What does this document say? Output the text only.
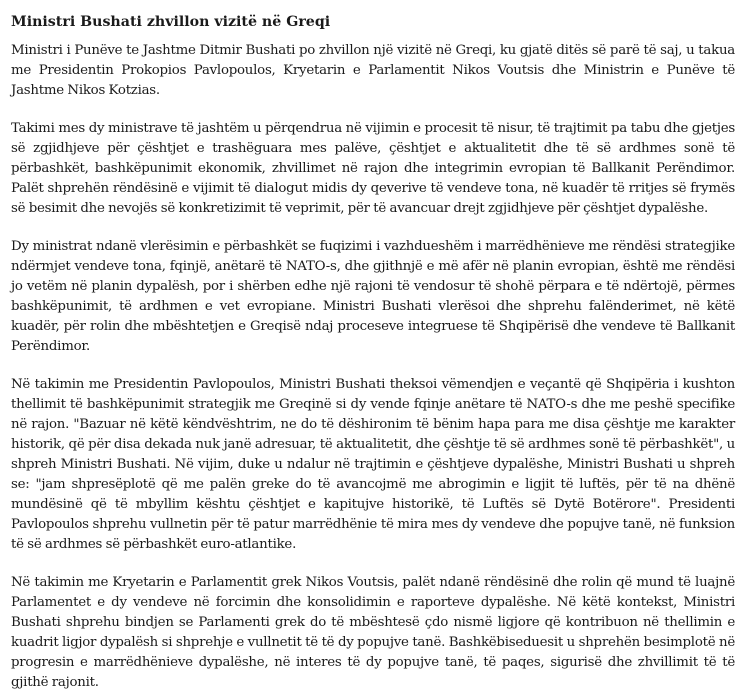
Ministri Bushati zhvillon vizitë në Greqi

Ministri i Punëve te Jashtme Ditmir Bushati po zhvillon një vizitë në Greqi, ku gjatë ditës së parë të saj, u takua me Presidentin Prokopios Pavlopoulos, Kryetarin e Parlamentit Nikos Voutsis dhe Ministrin e Punëve të Jashtme Nikos Kotzias.

Takimi mes dy ministrave të jashtëm u përqendrua në vijimin e procesit të nisur, të trajtimit pa tabu dhe gjetjes së zgjidhjeve për çështjet e trashëguara mes palëve, çështjet e aktualitetit dhe të së ardhmes sonë të përbashkët, bashkëpunimit ekonomik, zhvillimet në rajon dhe integrimin evropian të Ballkanit Perëndimor. Palët shprehën rëndësinë e vijimit të dialogut midis dy qeverive të vendeve tona, në kuadër të rritjes së frymës së besimit dhe nevojës së konkretizimit të veprimit, për të avancuar drejt zgjidhjeve për çështjet dypalëshe.

Dy ministrat ndanë vlerësimin e përbashkët se fuqizimi i vazhdueshëm i marrëdhënieve me rëndësi strategjike ndërmjet vendeve tona, fqinjë, anëtarë të NATO-s, dhe gjithnjë e më afër në planin evropian, është me rëndësi jo vetëm në planin dypalësh, por i shërben edhe një rajoni të vendosur të shohë përpara e të ndërtojë, përmes bashkëpunimit, të ardhmen e vet evropiane. Ministri Bushati vlerësoi dhe shprehu falënderimet, në këtë kuadër, për rolin dhe mbështetjen e Greqisë ndaj proceseve integruese të Shqipërisë dhe vendeve të Ballkanit Perëndimor.

Në takimin me Presidentin Pavlopoulos, Ministri Bushati theksoi vëmendjen e veçantë që Shqipëria i kushton thellimit të bashkëpunimit strategjik me Greqinë si dy vende fqinje anëtare të NATO-s dhe me peshë specifike në rajon. "Bazuar në këtë këndvështrim, ne do të dëshironim të bënim hapa para me disa çështje me karakter historik, që për disa dekada nuk janë adresuar, të aktualitetit, dhe çështje të së ardhmes sonë të përbashkët", u shpreh Ministri Bushati. Në vijim, duke u ndalur në trajtimin e çështjeve dypalëshe, Ministri Bushati u shpreh se: "jam shpresëplotë që me palën greke do të avancojmë me abrogimin e ligjit të luftës, për të na dhënë mundësinë që të mbyllim kështu çështjet e kapitujve historikë, të Luftës së Dytë Botërore". Presidenti Pavlopoulos shprehu vullnetin për të patur marrëdhënie të mira mes dy vendeve dhe popujve tanë, në funksion të së ardhmes së përbashkët euro-atlantike.

Në takimin me Kryetarin e Parlamentit grek Nikos Voutsis, palët ndanë rëndësinë dhe rolin që mund të luajnë Parlamentet e dy vendeve në forcimin dhe konsolidimin e raporteve dypalëshe. Në këtë kontekst, Ministri Bushati shprehu bindjen se Parlamenti grek do të mbështesë çdo nismë ligjore që kontribuon në thellimin e kuadrit ligjor dypalësh si shprehje e vullnetit të të dy popujve tanë. Bashkëbiseduesit u shprehën besimplotë në progresin e marrëdhënieve dypalëshe, në interes të dy popujve tanë, të paqes, sigurisë dhe zhvillimit të të gjithë rajonit.
